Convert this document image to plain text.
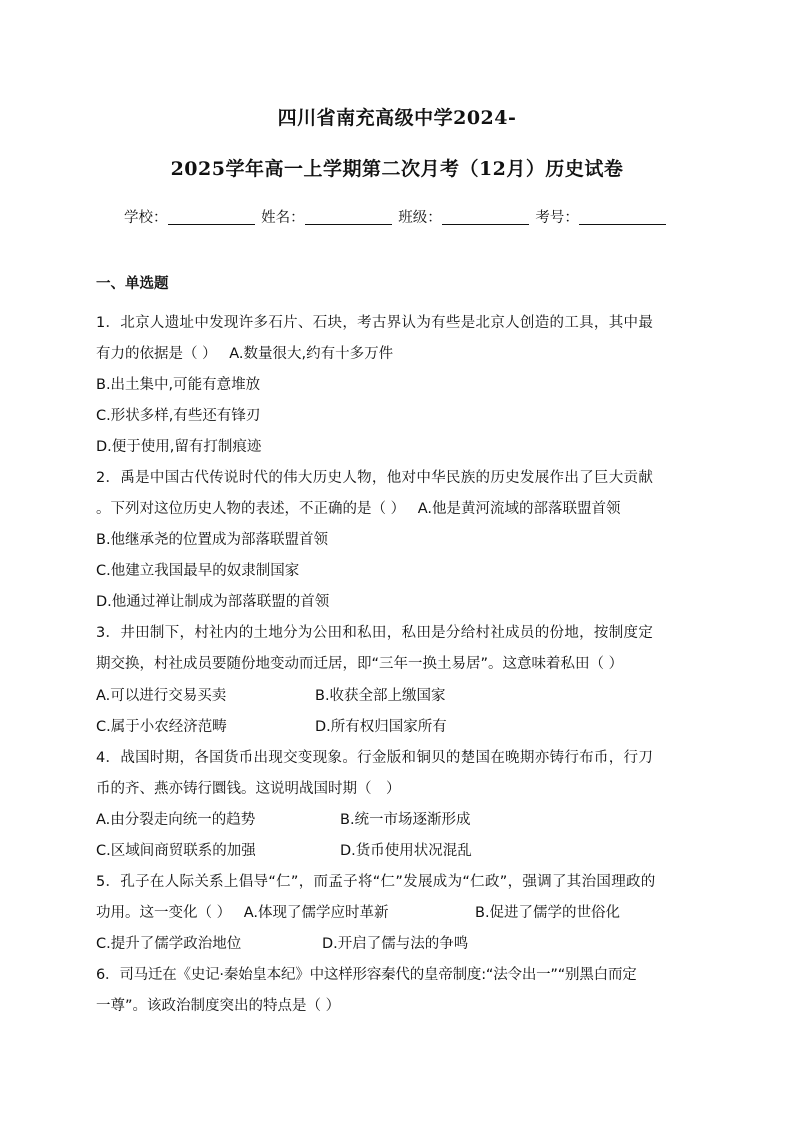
四川省南充高级中学2024-
2025学年高一上学期第二次月考（12月）历史试卷
学校：	姓名：	班级：	考号：
一、单选题
1．北京人遗址中发现许多石片、石块，考古界认为有些是北京人创造的工具，其中最
有力的依据是（ ） A.数量很大,约有十多万件
B.出土集中,可能有意堆放
C.形状多样,有些还有锋刃
D.便于使用,留有打制痕迹
2．禹是中国古代传说时代的伟大历史人物，他对中华民族的历史发展作出了巨大贡献
。下列对这位历史人物的表述，不正确的是（ ） A.他是黄河流域的部落联盟首领
B.他继承尧的位置成为部落联盟首领
C.他建立我国最早的奴隶制国家
D.他通过禅让制成为部落联盟的首领
3．井田制下，村社内的土地分为公田和私田，私田是分给村社成员的份地，按制度定
期交换，村社成员要随份地变动而迁居，即“三年一换土易居”。这意味着私田（ ）
A.可以进行交易买卖	B.收获全部上缴国家
C.属于小农经济范畴	D.所有权归国家所有
4．战国时期，各国货币出现交变现象。行金版和铜贝的楚国在晚期亦铸行布币，行刀
币的齐、燕亦铸行圜钱。这说明战国时期（　）
A.由分裂走向统一的趋势	B.统一市场逐渐形成
C.区域间商贸联系的加强	D.货币使用状况混乱
5．孔子在人际关系上倡导“仁”，而孟子将“仁”发展成为“仁政”，强调了其治国理政的
功用。这一变化（ ） A.体现了儒学应时革新	B.促进了儒学的世俗化
C.提升了儒学政治地位	D.开启了儒与法的争鸣
6．司马迁在《史记·秦始皇本纪》中这样形容秦代的皇帝制度:“法令出一”“别黑白而定
一尊”。该政治制度突出的特点是（ ）
